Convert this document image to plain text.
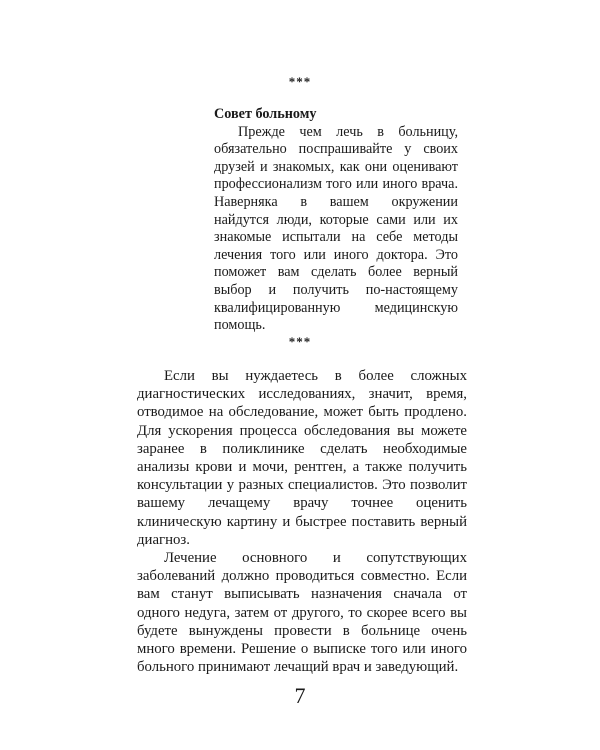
***

Совет больному

Прежде чем лечь в больницу, обязательно поспрашивайте у своих друзей и знакомых, как они оценивают профессионализм того или иного врача. Наверняка в вашем окружении найдутся люди, которые сами или их знакомые испытали на себе методы лечения того или иного доктора. Это поможет вам сделать более верный выбор и получить по-настоящему квалифицированную медицинскую помощь.

***

Если вы нуждаетесь в более сложных диагностических исследованиях, значит, время, отводимое на обследование, может быть продлено. Для ускорения процесса обследования вы можете заранее в поликлинике сделать необходимые анализы крови и мочи, рентген, а также получить консультации у разных специалистов. Это позволит вашему лечащему врачу точнее оценить клиническую картину и быстрее поставить верный диагноз.

Лечение основного и сопутствующих заболеваний должно проводиться совместно. Если вам станут выписывать назначения сначала от одного недуга, затем от другого, то скорее всего вы будете вынуждены провести в больнице очень много времени. Решение о выписке того или иного больного принимают лечащий врач и заведующий.

7
